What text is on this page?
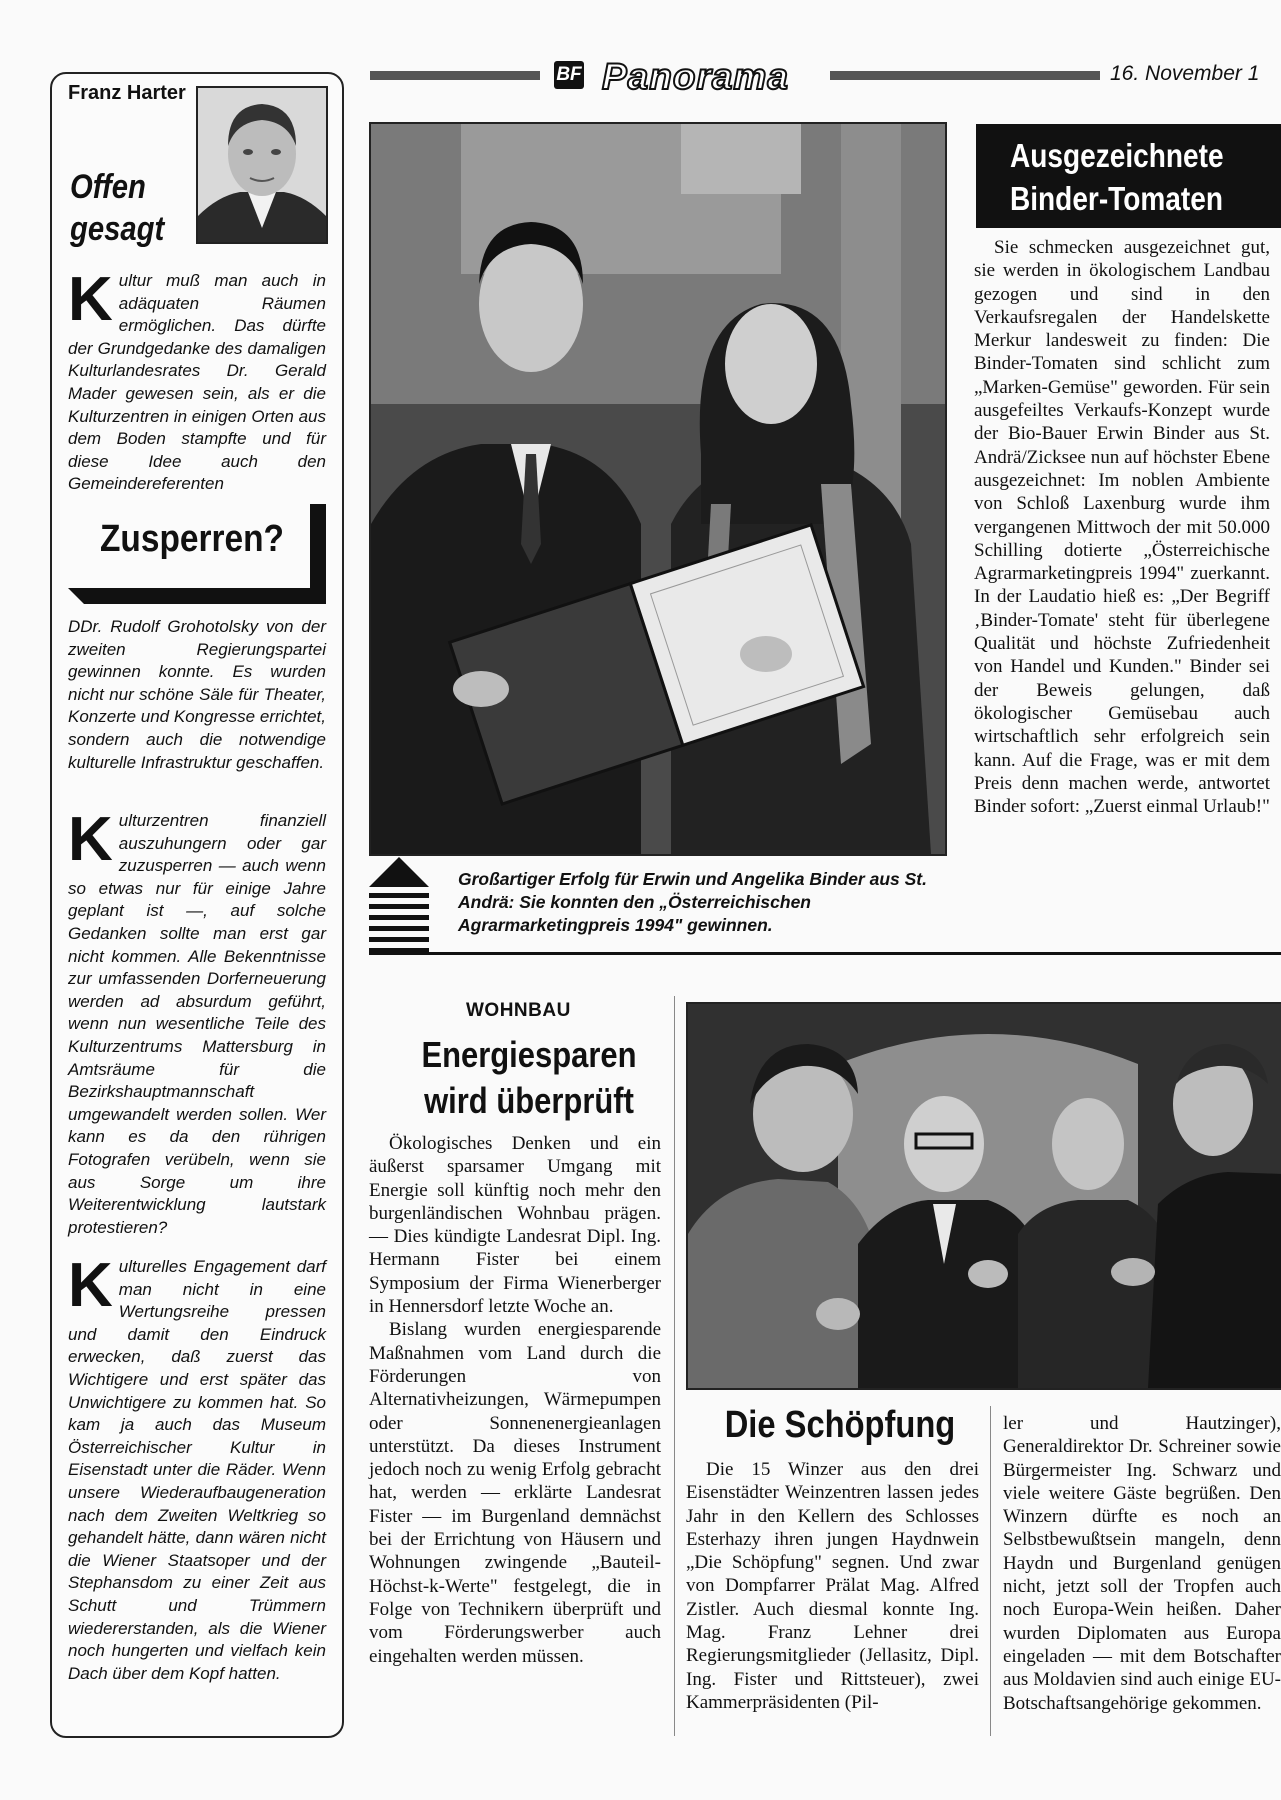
BF Panorama	16. November 1
Franz Harter
Offen
gesagt
Kultur muß man auch in adäquaten Räumen ermöglichen. Das dürfte der Grundgedanke des damaligen Kulturlandesrates Dr. Gerald Mader gewesen sein, als er die Kulturzentren in einigen Orten aus dem Boden stampfte und für diese Idee auch den Gemeindereferenten
Zusperren?
DDr. Rudolf Grohotolsky von der zweiten Regierungspartei gewinnen konnte. Es wurden nicht nur schöne Säle für Theater, Konzerte und Kongresse errichtet, sondern auch die notwendige kulturelle Infrastruktur geschaffen.
Kulturzentren finanziell auszuhungern oder gar zuzusperren — auch wenn so etwas nur für einige Jahre geplant ist —, auf solche Gedanken sollte man erst gar nicht kommen. Alle Bekenntnisse zur umfassenden Dorferneuerung werden ad absurdum geführt, wenn nun wesentliche Teile des Kulturzentrums Mattersburg in Amtsräume für die Bezirkshauptmannschaft umgewandelt werden sollen. Wer kann es da den rührigen Fotografen verübeln, wenn sie aus Sorge um ihre Weiterentwicklung lautstark protestieren?
Kulturelles Engagement darf man nicht in eine Wertungsreihe pressen und damit den Eindruck erwecken, daß zuerst das Wichtigere und erst später das Unwichtigere zu kommen hat. So kam ja auch das Museum Österreichischer Kultur in Eisenstadt unter die Räder. Wenn unsere Wiederaufbaugeneration nach dem Zweiten Weltkrieg so gehandelt hätte, dann wären nicht die Wiener Staatsoper und der Stephansdom zu einer Zeit aus Schutt und Trümmern wiedererstanden, als die Wiener noch hungerten und vielfach kein Dach über dem Kopf hatten.
Großartiger Erfolg für Erwin und Angelika Binder aus St. Andrä: Sie konnten den „Österreichischen Agrarmarketingpreis 1994" gewinnen.
Ausgezeichnete
Binder-Tomaten

Sie schmecken ausgezeichnet gut, sie werden in ökologischem Landbau gezogen und sind in den Verkaufsregalen der Handelskette Merkur landesweit zu finden: Die Binder-Tomaten sind schlicht zum „Marken-Gemüse" geworden. Für sein ausgefeiltes Verkaufs-Konzept wurde der Bio-Bauer Erwin Binder aus St. Andrä/Zicksee nun auf höchster Ebene ausgezeichnet: Im noblen Ambiente von Schloß Laxenburg wurde ihm vergangenen Mittwoch der mit 50.000 Schilling dotierte „Österreichische Agrarmarketingpreis 1994" zuerkannt. In der Laudatio hieß es: „Der Begriff ‚Binder-Tomate' steht für überlegene Qualität und höchste Zufriedenheit von Handel und Kunden." Binder sei der Beweis gelungen, daß ökologischer Gemüsebau auch wirtschaftlich sehr erfolgreich sein kann. Auf die Frage, was er mit dem Preis denn machen werde, antwortet Binder sofort: „Zuerst einmal Urlaub!"

WOHNBAU
Energiesparen
wird überprüft

Ökologisches Denken und ein äußerst sparsamer Umgang mit Energie soll künftig noch mehr den burgenländischen Wohnbau prägen. — Dies kündigte Landesrat Dipl. Ing. Hermann Fister bei einem Symposium der Firma Wienerberger in Hennersdorf letzte Woche an.

Bislang wurden energiesparende Maßnahmen vom Land durch die Förderungen von Alternativheizungen, Wärmepumpen oder Sonnenenergieanlagen unterstützt. Da dieses Instrument jedoch noch zu wenig Erfolg gebracht hat, werden — erklärte Landesrat Fister — im Burgenland demnächst bei der Errichtung von Häusern und Wohnungen zwingende „Bauteil-Höchst-k-Werte" festgelegt, die in Folge von Technikern überprüft und vom Förderungswerber auch eingehalten werden müssen.

Die Schöpfung

Die 15 Winzer aus den drei Eisenstädter Weinzentren lassen jedes Jahr in den Kellern des Schlosses Esterhazy ihren jungen Haydnwein „Die Schöpfung" segnen. Und zwar von Dompfarrer Prälat Mag. Alfred Zistler. Auch diesmal konnte Ing. Mag. Franz Lehner drei Regierungsmitglieder (Jellasitz, Dipl. Ing. Fister und Rittsteuer), zwei Kammerpräsidenten (Pil-

ler und Hautzinger), Generaldirektor Dr. Schreiner sowie Bürgermeister Ing. Schwarz und viele weitere Gäste begrüßen. Den Winzern dürfte es noch an Selbstbewußtsein mangeln, denn Haydn und Burgenland genügen nicht, jetzt soll der Tropfen auch noch Europa-Wein heißen. Daher wurden Diplomaten aus Europa eingeladen — mit dem Botschafter aus Moldavien sind auch einige EU-Botschaftsangehörige gekommen.
